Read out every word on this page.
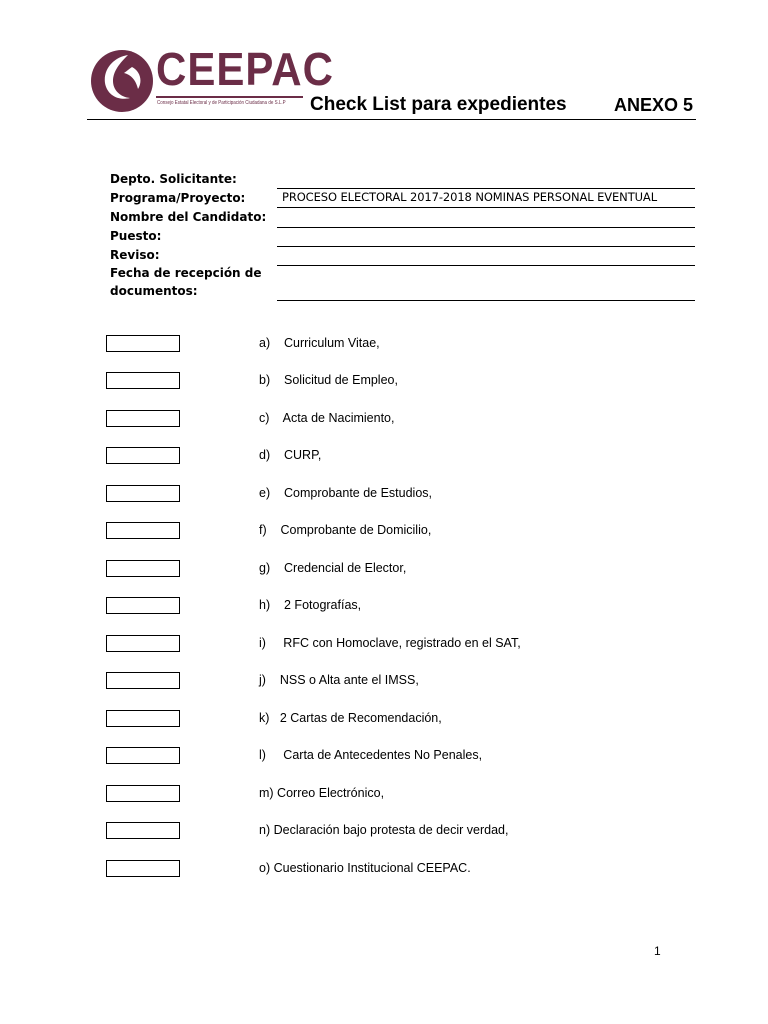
CEEPAC
Consejo Estatal Electoral y de Participación Ciudadana de S.L.P	Check List para expedientes	ANEXO 5
Depto. Solicitante:
Programa/Proyecto:
Nombre del Candidato:
Puesto:
Reviso:
Fecha de recepción de
documentos:
PROCESO ELECTORAL 2017-2018 NOMINAS PERSONAL EVENTUAL
a)    Curriculum Vitae,
b)    Solicitud de Empleo,
c)    Acta de Nacimiento,
d)    CURP,
e)    Comprobante de Estudios,
f)    Comprobante de Domicilio,
g)    Credencial de Elector,
h)    2 Fotografías,
i)     RFC con Homoclave, registrado en el SAT,
j)    NSS o Alta ante el IMSS,
k)   2 Cartas de Recomendación,
l)     Carta de Antecedentes No Penales,
m) Correo Electrónico,
n) Declaración bajo protesta de decir verdad,
o) Cuestionario Institucional CEEPAC.
1
